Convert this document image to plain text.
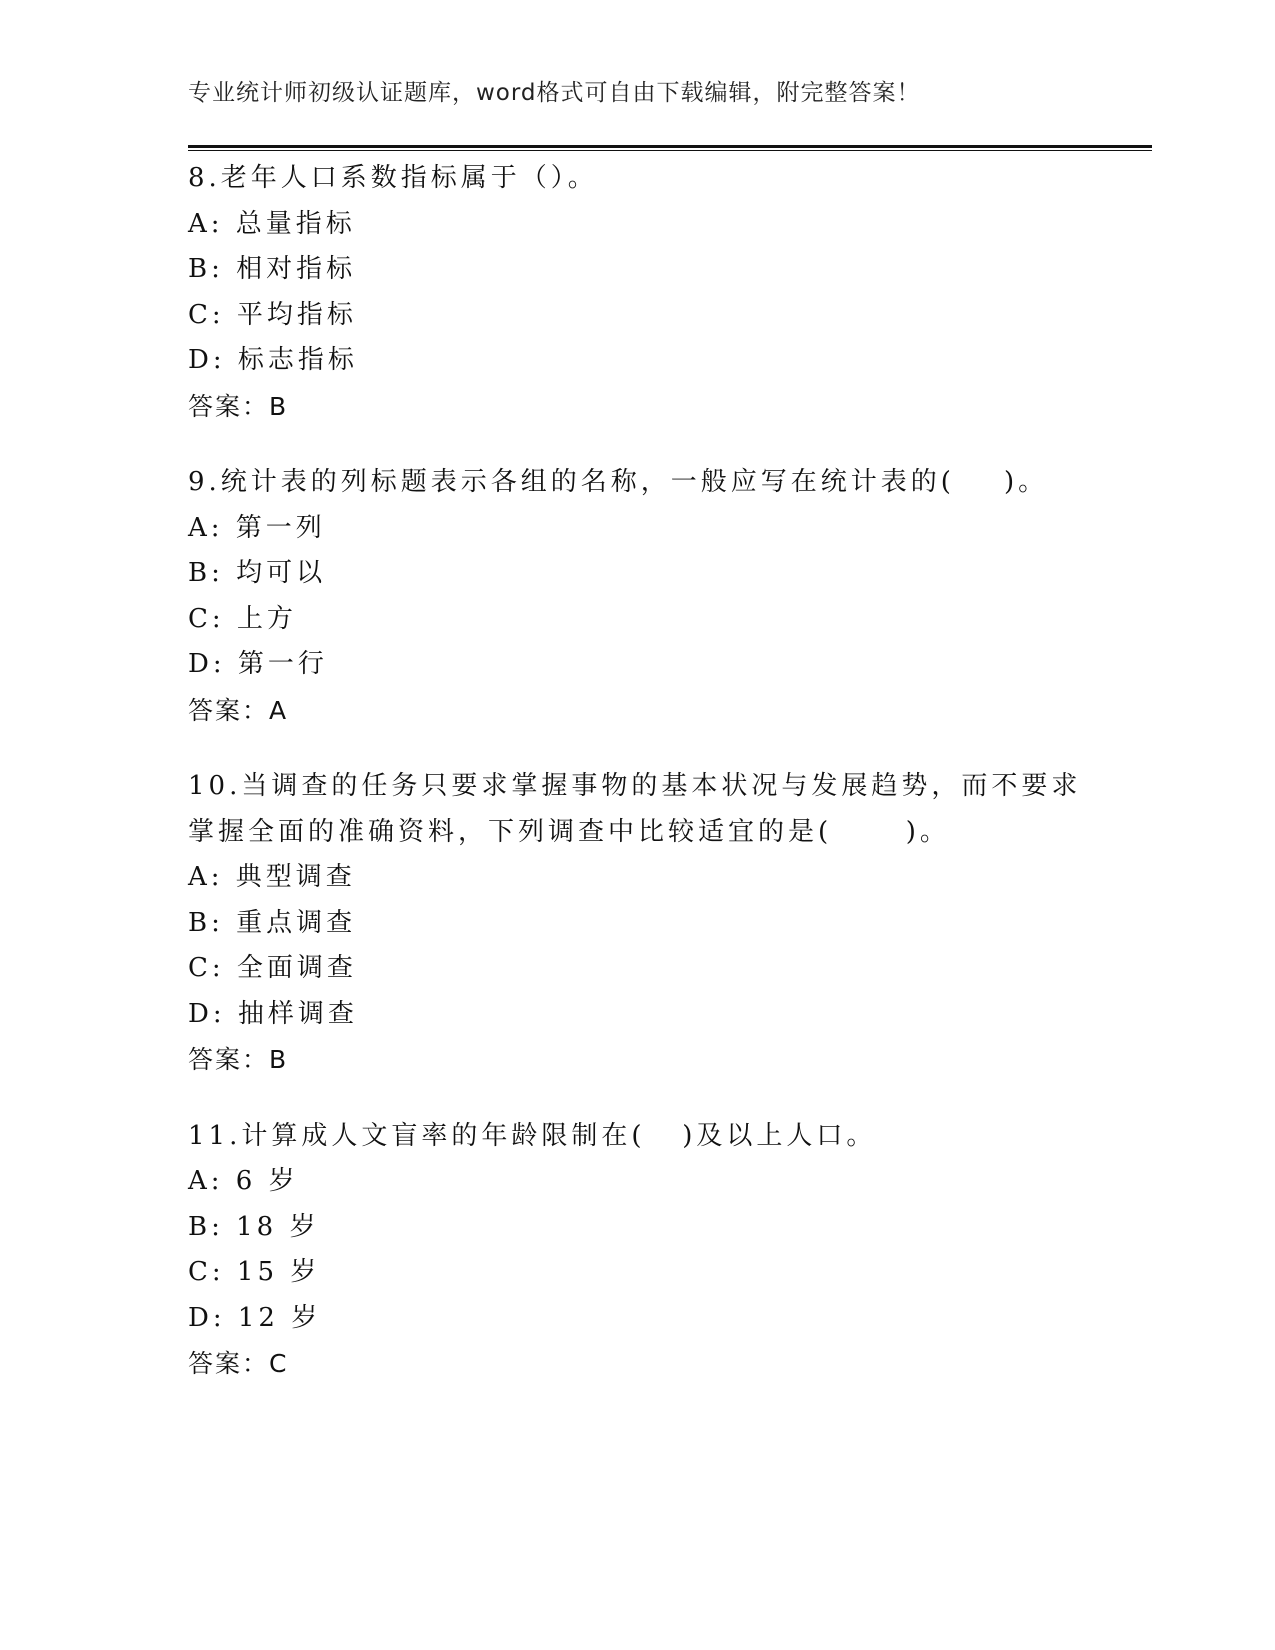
专业统计师初级认证题库，word格式可自由下载编辑，附完整答案！
8.老年人口系数指标属于（）。
A: 总量指标
B: 相对指标
C: 平均指标
D: 标志指标
答案：B
9.统计表的列标题表示各组的名称，一般应写在统计表的(    )。
A: 第一列
B: 均可以
C: 上方
D: 第一行
答案：A
10.当调查的任务只要求掌握事物的基本状况与发展趋势，而不要求掌握全面的准确资料，下列调查中比较适宜的是(      )。
A: 典型调查
B: 重点调查
C: 全面调查
D: 抽样调查
答案：B
11.计算成人文盲率的年龄限制在(   )及以上人口。
A: 6 岁
B: 18 岁
C: 15 岁
D: 12 岁
答案：C
